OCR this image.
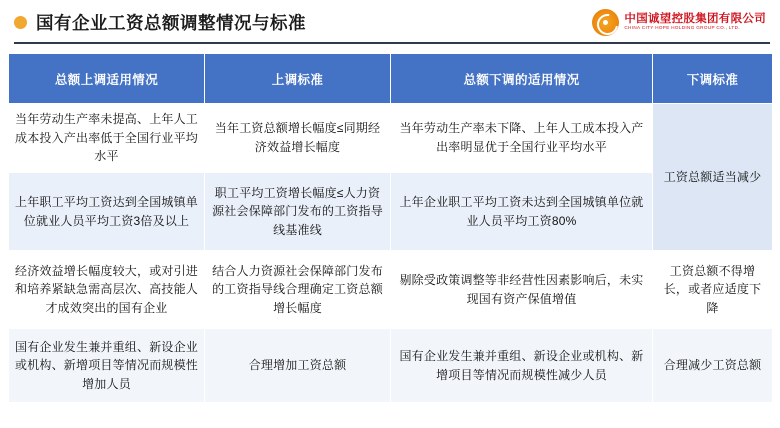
国有企业工资总额调整情况与标准	中国诚望控股集团有限公司
CHINA CITY HOPE HOLDING GROUP CO., LTD.
总额上调适用情况	上调标准	总额下调的适用情况	下调标准
当年劳动生产率未提高、上年人工成本投入产出率低于全国行业平均水平	当年工资总额增长幅度≤同期经济效益增长幅度	当年劳动生产率未下降、上年人工成本投入产出率明显优于全国行业平均水平	工资总额适当减少
上年职工平均工资达到全国城镇单位就业人员平均工资3倍及以上	职工平均工资增长幅度≤人力资源社会保障部门发布的工资指导线基准线	上年企业职工平均工资未达到全国城镇单位就业人员平均工资80%	
经济效益增长幅度较大，或对引进和培养紧缺急需高层次、高技能人才成效突出的国有企业	结合人力资源社会保障部门发布的工资指导线合理确定工资总额增长幅度	剔除受政策调整等非经营性因素影响后，未实现国有资产保值增值	工资总额不得增长，或者应适度下降
国有企业发生兼并重组、新设企业或机构、新增项目等情况而规模性增加人员	合理增加工资总额	国有企业发生兼并重组、新设企业或机构、新增项目等情况而规模性减少人员	合理减少工资总额
